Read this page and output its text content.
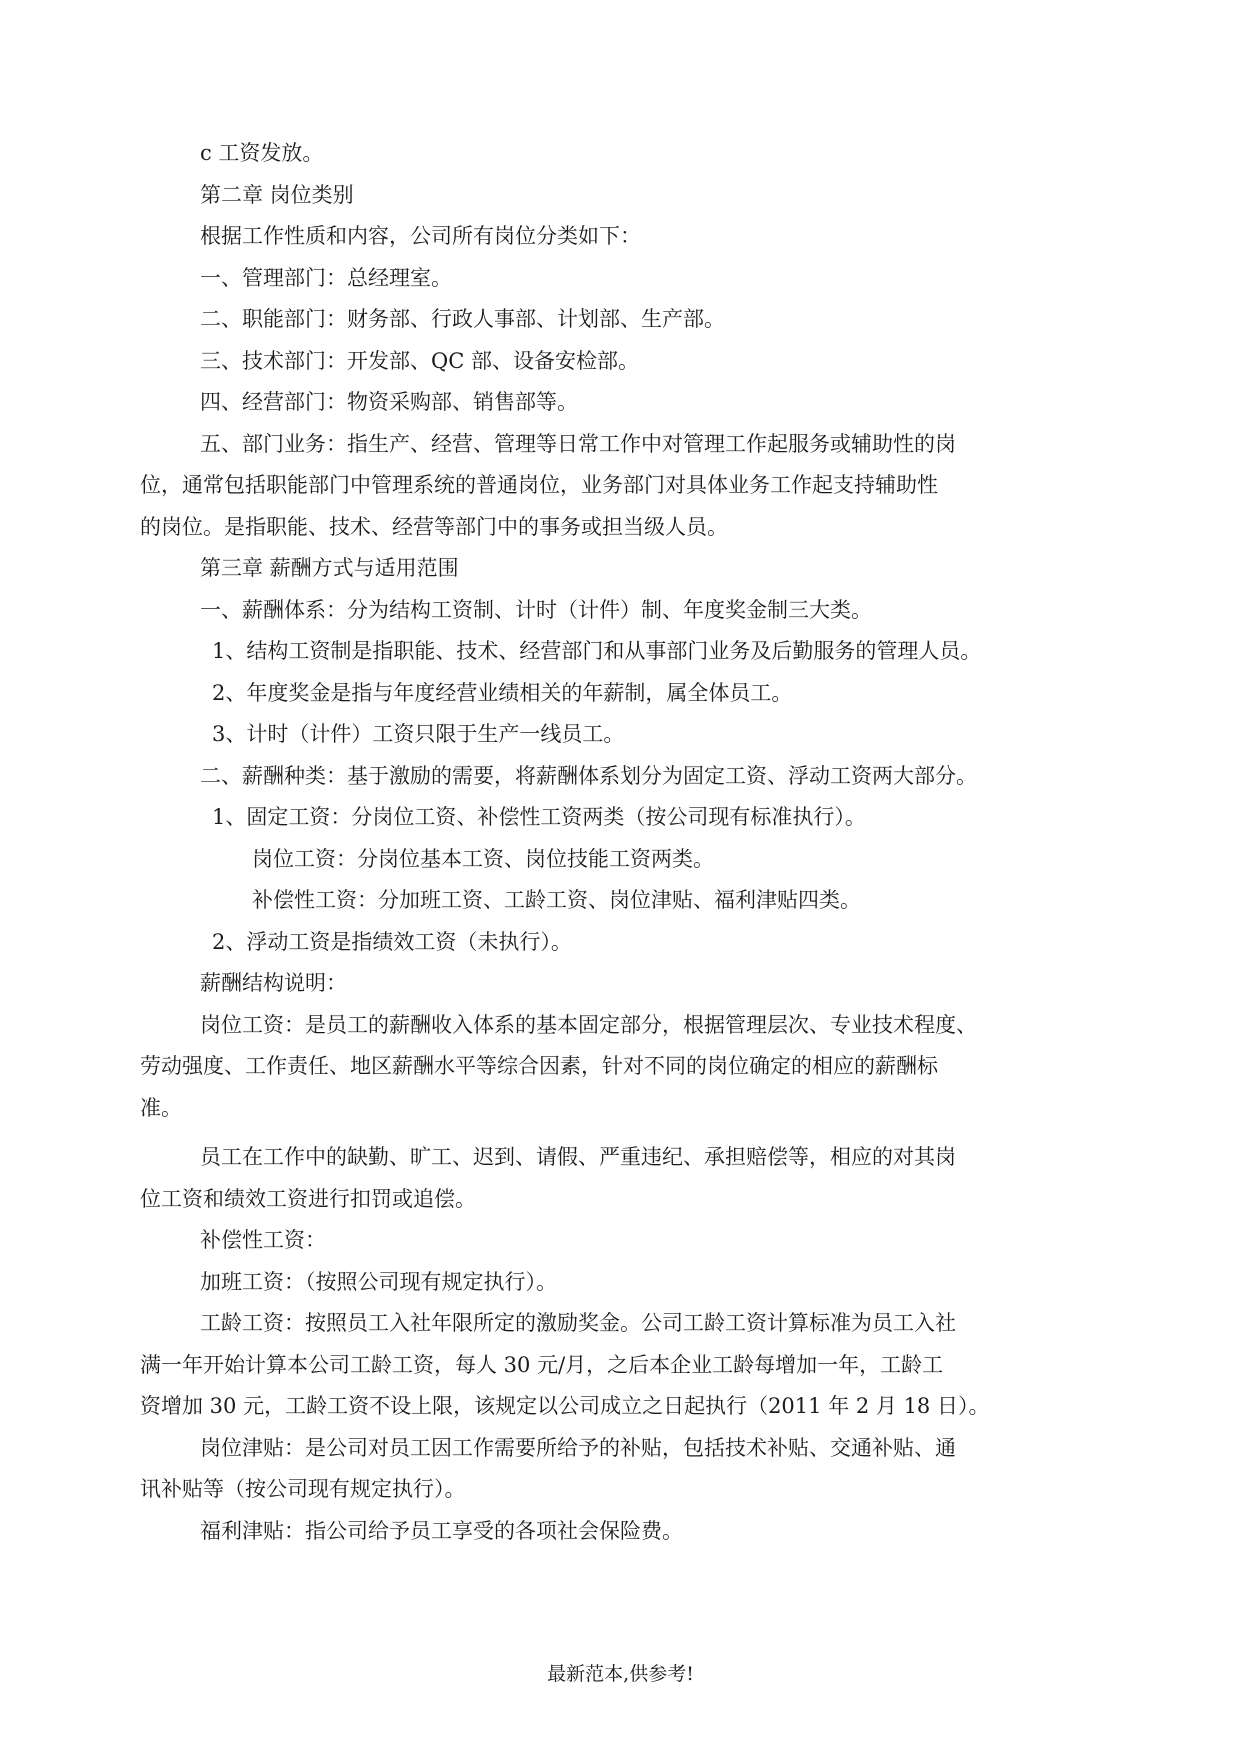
c 工资发放。

第二章 岗位类别

根据工作性质和内容，公司所有岗位分类如下：

一、管理部门：总经理室。

二、职能部门：财务部、行政人事部、计划部、生产部。

三、技术部门：开发部、QC 部、设备安检部。

四、经营部门：物资采购部、销售部等。

五、部门业务：指生产、经营、管理等日常工作中对管理工作起服务或辅助性的岗

位，通常包括职能部门中管理系统的普通岗位，业务部门对具体业务工作起支持辅助性

的岗位。是指职能、技术、经营等部门中的事务或担当级人员。

第三章 薪酬方式与适用范围

一、薪酬体系：分为结构工资制、计时（计件）制、年度奖金制三大类。

1、结构工资制是指职能、技术、经营部门和从事部门业务及后勤服务的管理人员。

2、年度奖金是指与年度经营业绩相关的年薪制，属全体员工。

3、计时（计件）工资只限于生产一线员工。

二、薪酬种类：基于激励的需要，将薪酬体系划分为固定工资、浮动工资两大部分。

1、固定工资：分岗位工资、补偿性工资两类（按公司现有标准执行）。

岗位工资：分岗位基本工资、岗位技能工资两类。

补偿性工资：分加班工资、工龄工资、岗位津贴、福利津贴四类。

2、浮动工资是指绩效工资（未执行）。

薪酬结构说明：

岗位工资：是员工的薪酬收入体系的基本固定部分，根据管理层次、专业技术程度、

劳动强度、工作责任、地区薪酬水平等综合因素，针对不同的岗位确定的相应的薪酬标

准。

员工在工作中的缺勤、旷工、迟到、请假、严重违纪、承担赔偿等，相应的对其岗

位工资和绩效工资进行扣罚或追偿。

补偿性工资：

加班工资：（按照公司现有规定执行）。

工龄工资：按照员工入社年限所定的激励奖金。公司工龄工资计算标准为员工入社

满一年开始计算本公司工龄工资，每人 30 元/月，之后本企业工龄每增加一年，工龄工

资增加 30 元，工龄工资不设上限，该规定以公司成立之日起执行（2011 年 2 月 18 日）。

岗位津贴：是公司对员工因工作需要所给予的补贴，包括技术补贴、交通补贴、通

讯补贴等（按公司现有规定执行）。

福利津贴：指公司给予员工享受的各项社会保险费。

最新范本,供参考!
